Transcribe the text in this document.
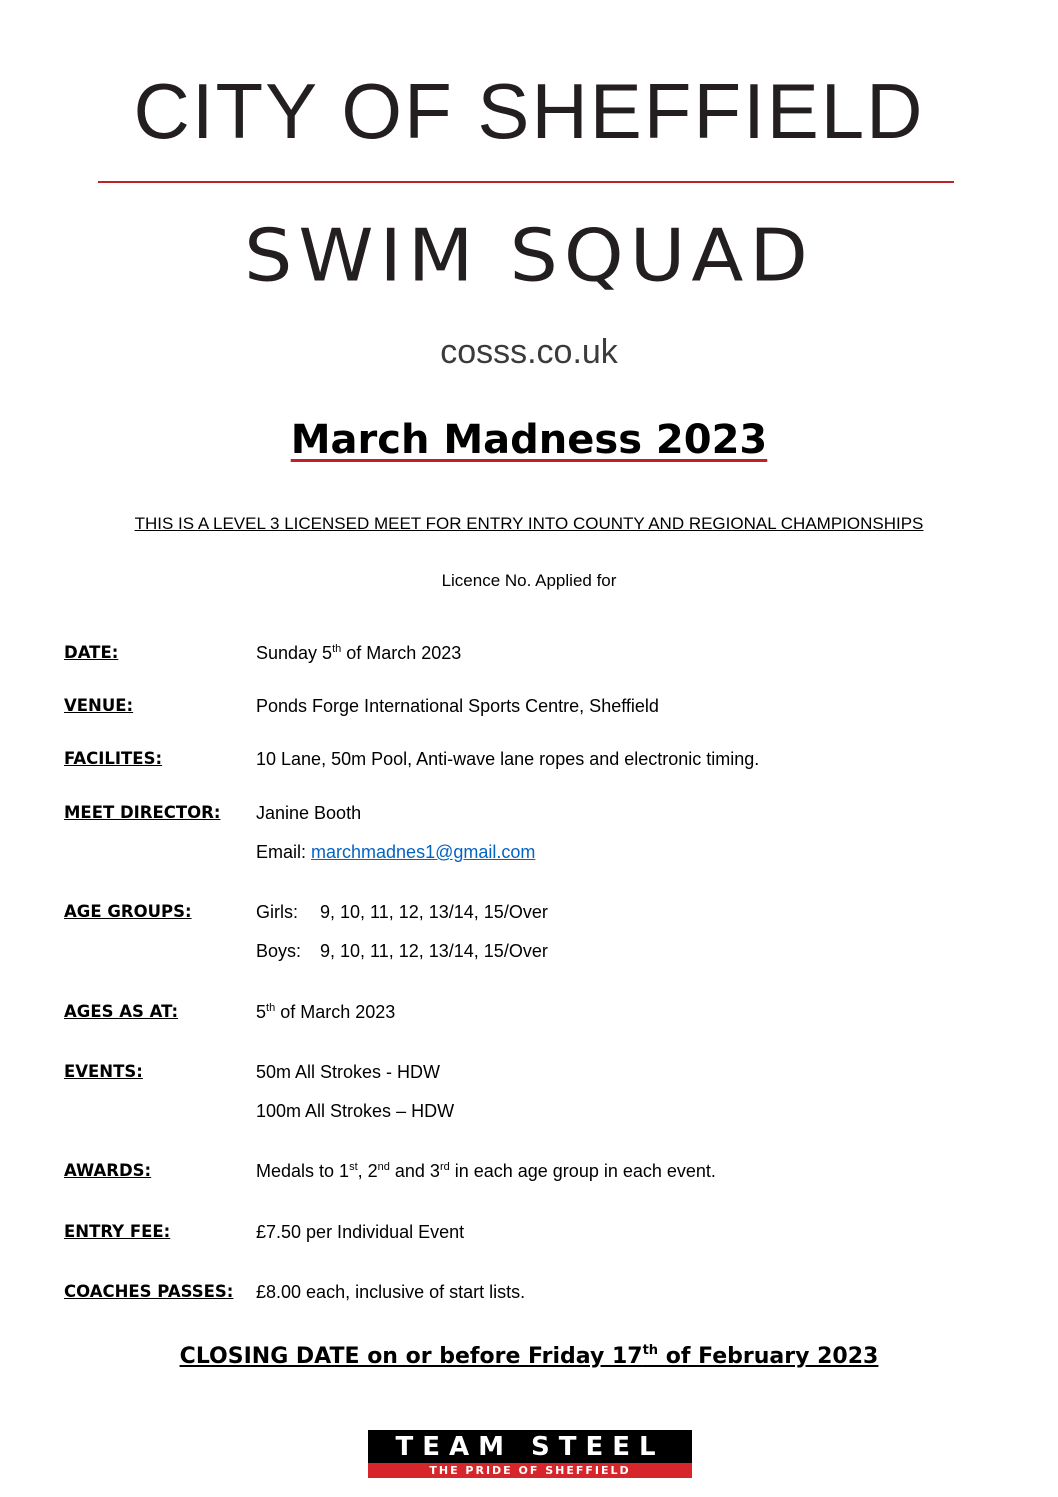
CITY OF SHEFFIELD
SWIM SQUAD
cosss.co.uk
March Madness 2023
THIS IS A LEVEL 3 LICENSED MEET FOR ENTRY INTO COUNTY AND REGIONAL CHAMPIONSHIPS
Licence No. Applied for
DATE:	Sunday 5th of March 2023
VENUE:	Ponds Forge International Sports Centre, Sheffield
FACILITES:	10 Lane, 50m Pool, Anti-wave lane ropes and electronic timing.
MEET DIRECTOR: Janine Booth
Email: marchmadnes1@gmail.com
AGE GROUPS:	Girls: 9, 10, 11, 12, 13/14, 15/Over
Boys: 9, 10, 11, 12, 13/14, 15/Over
AGES AS AT:	5th of March 2023
EVENTS:	50m All Strokes - HDW
100m All Strokes – HDW
AWARDS:	Medals to 1st, 2nd and 3rd in each age group in each event.
ENTRY FEE:	£7.50 per Individual Event
COACHES PASSES: £8.00 each, inclusive of start lists.
CLOSING DATE on or before Friday 17th of February 2023
TEAM STEEL
THE PRIDE OF SHEFFIELD
